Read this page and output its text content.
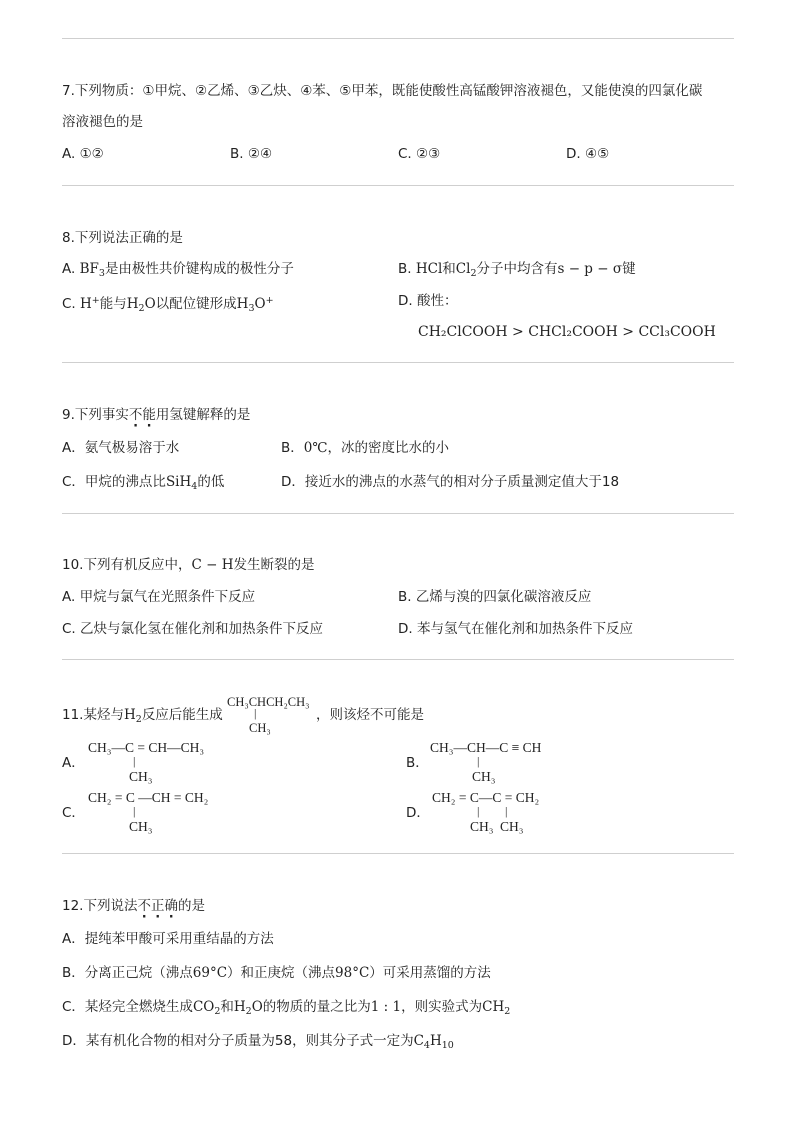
7.下列物质：①甲烷、②乙烯、③乙炔、④苯、⑤甲苯，既能使酸性高锰酸钾溶液褪色，又能使溴的四氯化碳
溶液褪色的是
A. ①②	B. ②④	C. ②③	D. ④⑤
8.下列说法正确的是
A. $BF_3$是由极性共价键构成的极性分子	B. HCl和$Cl_2$分子中均含有s − p − σ键
C. H+能与$H_2O$以配位键形成$H_3O^+$	D. 酸性：
CH₂ClCOOH > CHCl₂COOH > CCl₃COOH
9.下列事实不能用氢键解释的是
A．氨气极易溶于水	B．0℃，冰的密度比水的小
C．甲烷的沸点比SiH$_4$的低	D．接近水的沸点的水蒸气的相对分子质量测定值大于18
10.下列有机反应中，C − H发生断裂的是
A. 甲烷与氯气在光照条件下反应	B. 乙烯与溴的四氯化碳溶液反应
C. 乙炔与氯化氢在催化剂和加热条件下反应	D. 苯与氢气在催化剂和加热条件下反应
11.某烃与$H_2$反应后能生成
CH₃CHCH₂CH₃
|
CH₃
，则该烃不可能是
A．
CH₃—C = CH—CH₃
|
CH₃
B．
CH₃—CH—C ≡ CH
|
CH₃
C．
CH₂ = C —CH = CH₂
|
CH₃
D．
CH₂ = C—C = CH₂
| |
CH₃ CH₃
12.下列说法不正确的是
A．提纯苯甲酸可采用重结晶的方法
B．分离正己烷（沸点69°C）和正庚烷（沸点98°C）可采用蒸馏的方法
C．某烃完全燃烧生成$CO_2$和$H_2O$的物质的量之比为1 : 1，则实验式为$CH_2$
D．某有机化合物的相对分子质量为58，则其分子式一定为$C_4H_{10}$
